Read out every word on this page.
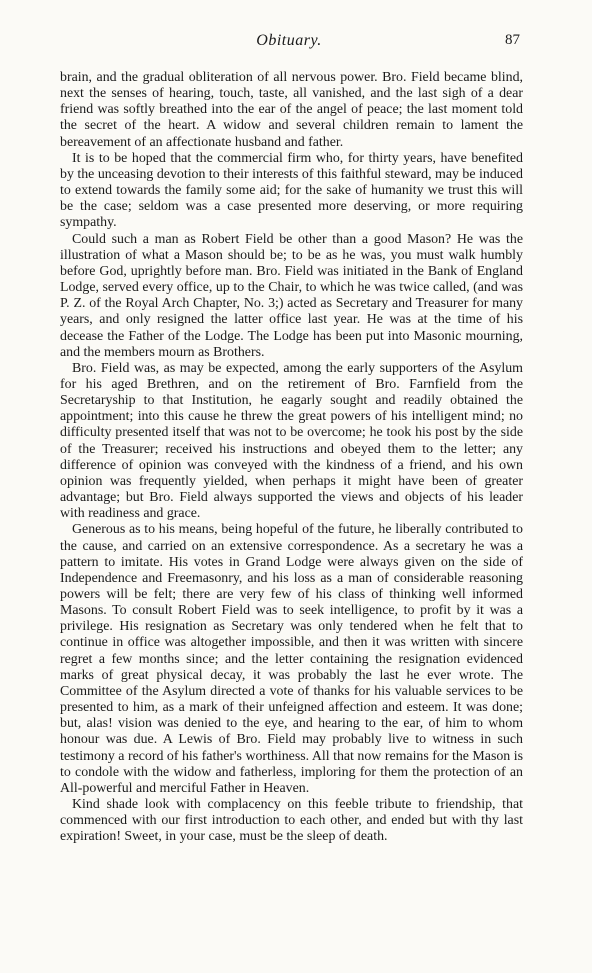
Obituary.	87

brain, and the gradual obliteration of all nervous power. Bro. Field became blind, next the senses of hearing, touch, taste, all vanished, and the last sigh of a dear friend was softly breathed into the ear of the angel of peace; the last moment told the secret of the heart. A widow and several children remain to lament the bereavement of an affectionate husband and father.

It is to be hoped that the commercial firm who, for thirty years, have benefited by the unceasing devotion to their interests of this faithful steward, may be induced to extend towards the family some aid; for the sake of humanity we trust this will be the case; seldom was a case presented more deserving, or more requiring sympathy.

Could such a man as Robert Field be other than a good Mason? He was the illustration of what a Mason should be; to be as he was, you must walk humbly before God, uprightly before man. Bro. Field was initiated in the Bank of England Lodge, served every office, up to the Chair, to which he was twice called, (and was P. Z. of the Royal Arch Chapter, No. 3;) acted as Secretary and Treasurer for many years, and only resigned the latter office last year. He was at the time of his decease the Father of the Lodge. The Lodge has been put into Masonic mourning, and the members mourn as Brothers.

Bro. Field was, as may be expected, among the early supporters of the Asylum for his aged Brethren, and on the retirement of Bro. Farnfield from the Secretaryship to that Institution, he eagarly sought and readily obtained the appointment; into this cause he threw the great powers of his intelligent mind; no difficulty presented itself that was not to be overcome; he took his post by the side of the Treasurer; received his instructions and obeyed them to the letter; any difference of opinion was conveyed with the kindness of a friend, and his own opinion was frequently yielded, when perhaps it might have been of greater advantage; but Bro. Field always supported the views and objects of his leader with readiness and grace.

Generous as to his means, being hopeful of the future, he liberally contributed to the cause, and carried on an extensive correspondence. As a secretary he was a pattern to imitate. His votes in Grand Lodge were always given on the side of Independence and Freemasonry, and his loss as a man of considerable reasoning powers will be felt; there are very few of his class of thinking well informed Masons. To consult Robert Field was to seek intelligence, to profit by it was a privilege. His resignation as Secretary was only tendered when he felt that to continue in office was altogether impossible, and then it was written with sincere regret a few months since; and the letter containing the resignation evidenced marks of great physical decay, it was probably the last he ever wrote. The Committee of the Asylum directed a vote of thanks for his valuable services to be presented to him, as a mark of their unfeigned affection and esteem. It was done; but, alas! vision was denied to the eye, and hearing to the ear, of him to whom honour was due. A Lewis of Bro. Field may probably live to witness in such testimony a record of his father's worthiness. All that now remains for the Mason is to condole with the widow and fatherless, imploring for them the protection of an All-powerful and merciful Father in Heaven.

Kind shade look with complacency on this feeble tribute to friendship, that commenced with our first introduction to each other, and ended but with thy last expiration! Sweet, in your case, must be the sleep of death.
